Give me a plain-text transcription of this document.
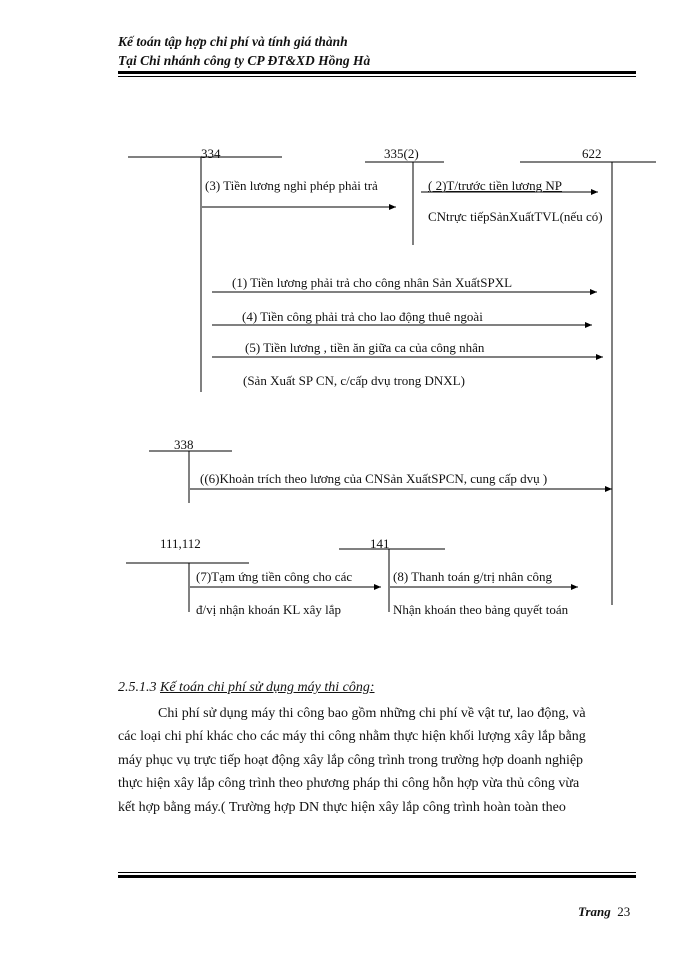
Kế toán tập hợp chi phí và tính giá thành
Tại Chi nhánh công ty CP ĐT&XD Hồng Hà
334	335(2)	622
338
111,112	141
(3) Tiền lương nghỉ phép phải trả	( 2)T/trước tiền lương NP
CNtrực tiếpSảnXuấtTVL(nếu có)
(1) Tiền lương phải trả cho công nhân Sản XuấtSPXL
(4) Tiền công phải trả cho lao động thuê ngoài
(5) Tiền lương , tiền ăn giữa ca của công nhân
(Sản Xuất SP CN, c/cấp dvụ trong DNXL)
((6)Khoản trích theo lương của CNSản XuấtSPCN, cung cấp dvụ )
(7)Tạm ứng tiền công cho các
đ/vị nhận khoán KL xây lắp
(8) Thanh toán g/trị nhân công
Nhận khoán theo bảng quyết toán
2.5.1.3 Kế toán chi phí sử dụng máy thi công:
Chi phí sử dụng máy thi công bao gồm những chi phí về vật tư, lao động, và
các loại chi phí khác cho các máy thi công nhằm thực hiện khối lượng xây lắp bằng
máy phục vụ trực tiếp hoạt động xây lắp công trình trong trường hợp doanh nghiệp
thực hiện xây lắp công trình theo phương pháp thi công hỗn hợp vừa thủ công vừa
kết hợp bằng máy.( Trường hợp DN thực hiện xây lắp công trình hoàn toàn theo
Trang 23
